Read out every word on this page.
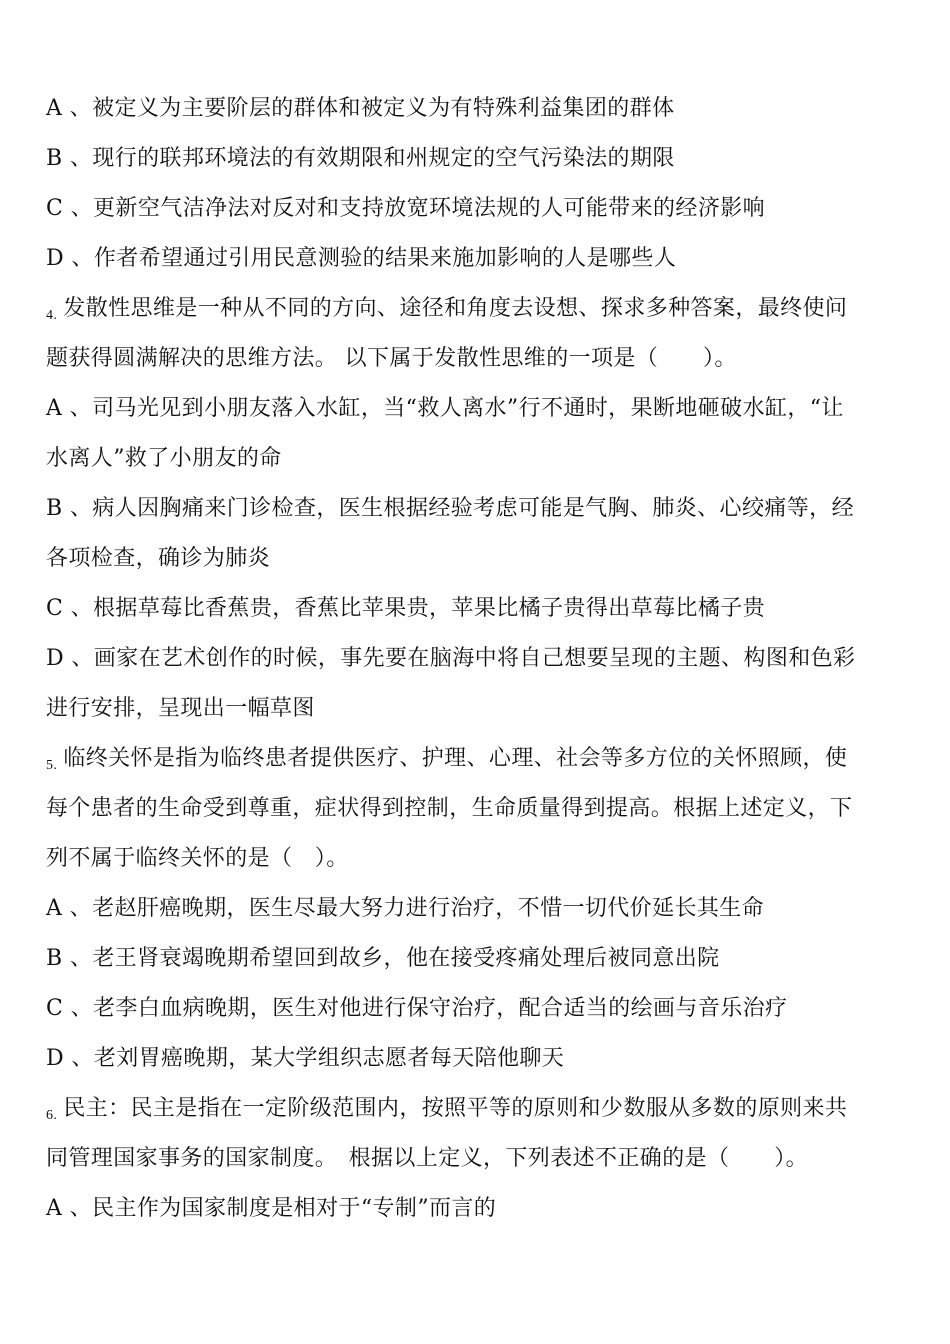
A 、被定义为主要阶层的群体和被定义为有特殊利益集团的群体
B 、现行的联邦环境法的有效期限和州规定的空气污染法的期限
C 、更新空气洁净法对反对和支持放宽环境法规的人可能带来的经济影响
D 、作者希望通过引用民意测验的结果来施加影响的人是哪些人
4. 发散性思维是一种从不同的方向、途径和角度去设想、探求多种答案，最终使问
题获得圆满解决的思维方法。 以下属于发散性思维的一项是（　　）。
A 、司马光见到小朋友落入水缸，当“救人离水”行不通时，果断地砸破水缸，“让
水离人”救了小朋友的命
B 、病人因胸痛来门诊检查，医生根据经验考虑可能是气胸、肺炎、心绞痛等，经
各项检查，确诊为肺炎
C 、根据草莓比香蕉贵，香蕉比苹果贵，苹果比橘子贵得出草莓比橘子贵
D 、画家在艺术创作的时候，事先要在脑海中将自己想要呈现的主题、构图和色彩
进行安排，呈现出一幅草图
5. 临终关怀是指为临终患者提供医疗、护理、心理、社会等多方位的关怀照顾，使
每个患者的生命受到尊重，症状得到控制，生命质量得到提高。根据上述定义，下
列不属于临终关怀的是（　）。
A 、老赵肝癌晚期，医生尽最大努力进行治疗，不惜一切代价延长其生命
B 、老王肾衰竭晚期希望回到故乡，他在接受疼痛处理后被同意出院
C 、老李白血病晚期，医生对他进行保守治疗，配合适当的绘画与音乐治疗
D 、老刘胃癌晚期，某大学组织志愿者每天陪他聊天
6. 民主：民主是指在一定阶级范围内，按照平等的原则和少数服从多数的原则来共
同管理国家事务的国家制度。　根据以上定义，下列表述不正确的是（　　）。
A 、民主作为国家制度是相对于“专制”而言的
